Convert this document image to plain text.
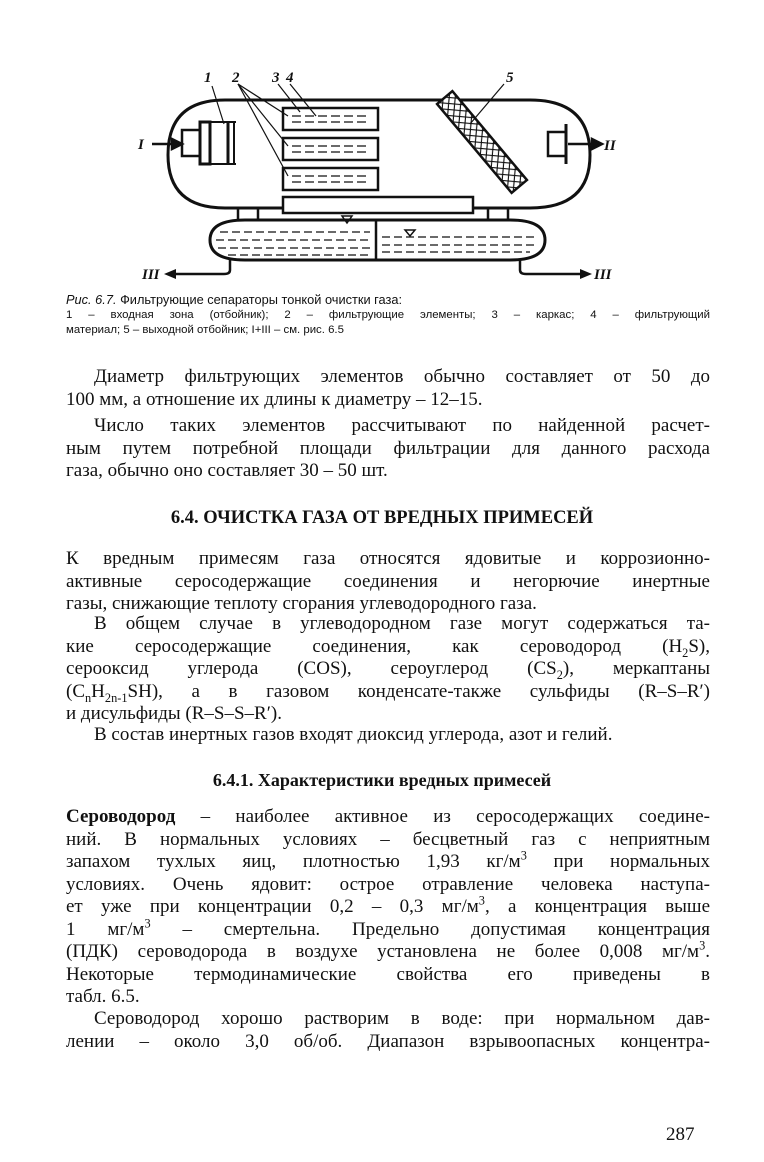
1 2 3 4	5
I	II
III	III
Рис. 6.7. Фильтрующие сепараторы тонкой очистки газа:
1 – входная зона (отбойник); 2 – фильтрующие элементы; 3 – каркас; 4 – фильтрующий
материал; 5 – выходной отбойник; I+III – см. рис. 6.5

Диаметр фильтрующих элементов обычно составляет от 50 до
100 мм, а отношение их длины к диаметру – 12–15.

Число таких элементов рассчитывают по найденной расчет-
ным путем потребной площади фильтрации для данного расхода
газа, обычно оно составляет 30 – 50 шт.

6.4. ОЧИСТКА ГАЗА ОТ ВРЕДНЫХ ПРИМЕСЕЙ

К вредным примесям газа относятся ядовитые и коррозионно-
активные серосодержащие соединения и негорючие инертные
газы, снижающие теплоту сгорания углеводородного газа.

В общем случае в углеводородном газе могут содержаться та-
кие серосодержащие соединения, как сероводород $(H_2S)$,
серооксид углерода (COS), сероуглерод $(CS_2)$, меркаптаны
$(C_nH_{2n-1}SH)$, а в газовом конденсате-также сульфиды (R–S–R′)
и дисульфиды (R–S–S–R′).

В состав инертных газов входят диоксид углерода, азот и гелий.

6.4.1. Характеристики вредных примесей

Сероводород – наиболее активное из серосодержащих соедине-
ний. В нормальных условиях – бесцветный газ с неприятным
запахом тухлых яиц, плотностью 1,93 $кг/м^3$ при нормальных
условиях. Очень ядовит: острое отравление человека наступа-
ет уже при концентрации 0,2 – 0,3 $мг/м^3$, а концентрация выше
1 $мг/м^3$ – смертельна. Предельно допустимая концентрация
(ПДК) сероводорода в воздухе установлена не более 0,008 $мг/м^3$.
Некоторые термодинамические свойства его приведены в
табл. 6.5.

Сероводород хорошо растворим в воде: при нормальном дав-
лении – около 3,0 об/об. Диапазон взрывоопасных концентра-

287
